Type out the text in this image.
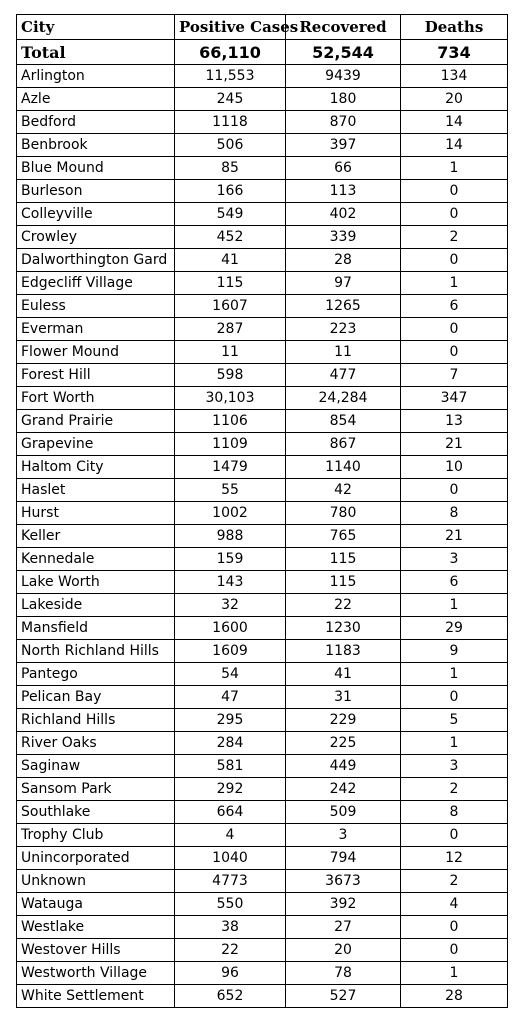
City	Positive Cases	Recovered	Deaths
Total	66,110	52,544	734
Arlington	11,553	9439	134
Azle	245	180	20
Bedford	1118	870	14
Benbrook	506	397	14
Blue Mound	85	66	1
Burleson	166	113	0
Colleyville	549	402	0
Crowley	452	339	2
Dalworthington Gard	41	28	0
Edgecliff Village	115	97	1
Euless	1607	1265	6
Everman	287	223	0
Flower Mound	11	11	0
Forest Hill	598	477	7
Fort Worth	30,103	24,284	347
Grand Prairie	1106	854	13
Grapevine	1109	867	21
Haltom City	1479	1140	10
Haslet	55	42	0
Hurst	1002	780	8
Keller	988	765	21
Kennedale	159	115	3
Lake Worth	143	115	6
Lakeside	32	22	1
Mansfield	1600	1230	29
North Richland Hills	1609	1183	9
Pantego	54	41	1
Pelican Bay	47	31	0
Richland Hills	295	229	5
River Oaks	284	225	1
Saginaw	581	449	3
Sansom Park	292	242	2
Southlake	664	509	8
Trophy Club	4	3	0
Unincorporated	1040	794	12
Unknown	4773	3673	2
Watauga	550	392	4
Westlake	38	27	0
Westover Hills	22	20	0
Westworth Village	96	78	1
White Settlement	652	527	28
